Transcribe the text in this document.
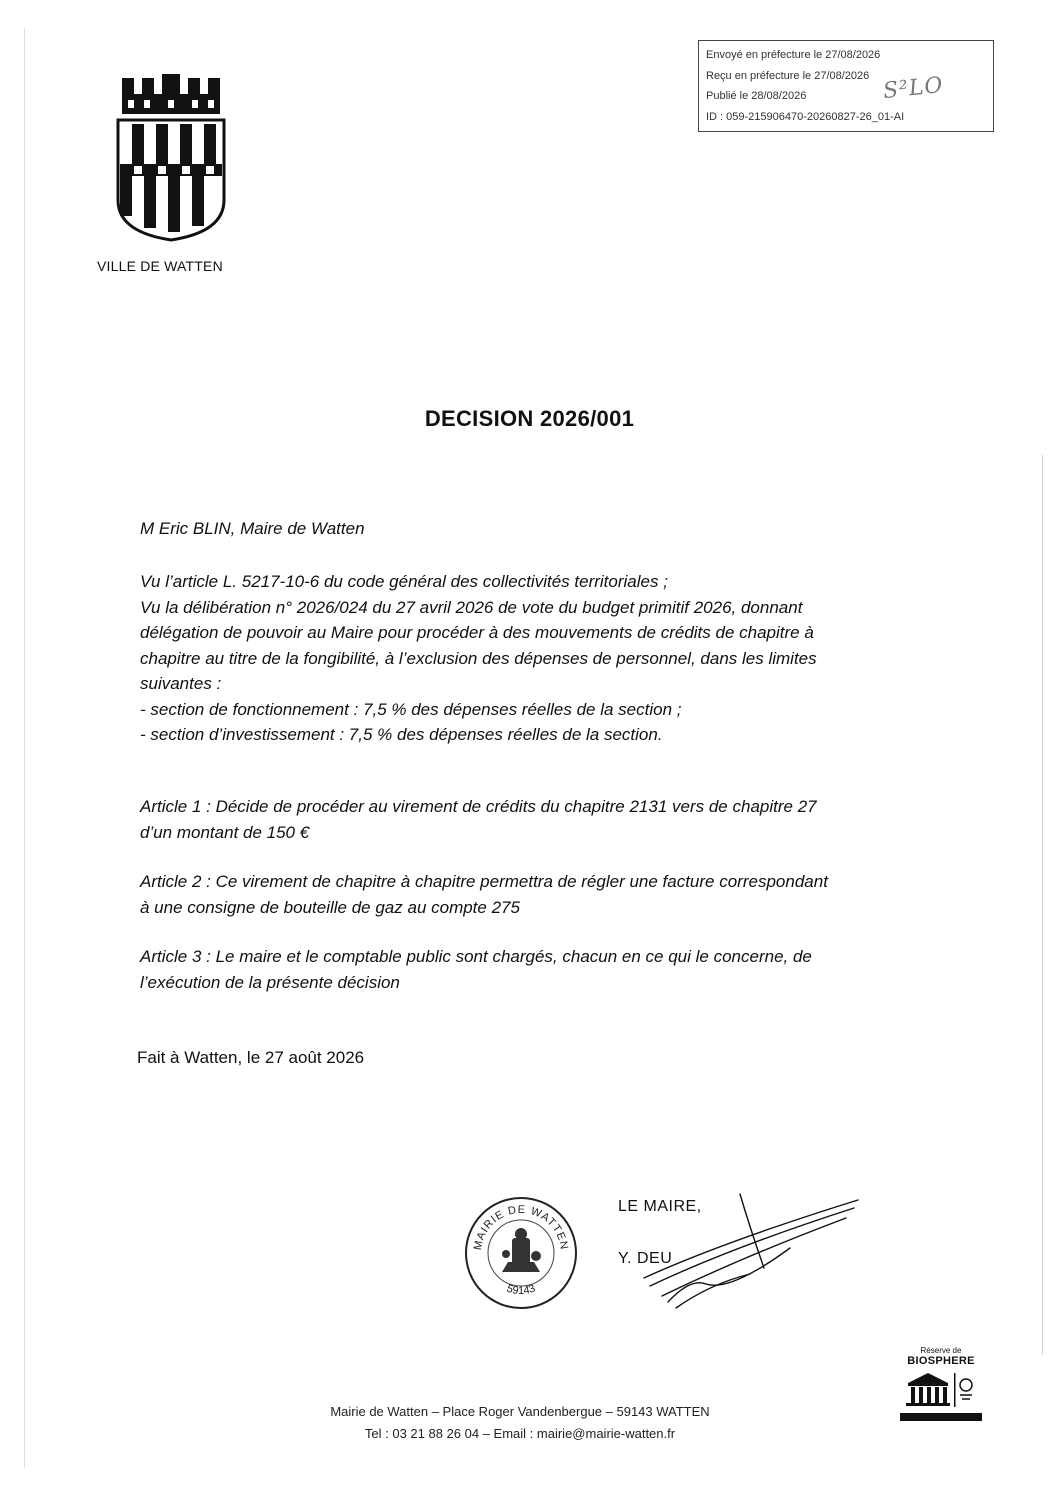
Envoyé en préfecture le 27/08/2026
Reçu en préfecture le 27/08/2026
Publié le 28/08/2026
ID : 059-215906470-20260827-26_01-AI
S²LO
VILLE DE WATTEN
DECISION 2026/001
M Eric BLIN, Maire de Watten
Vu l’article L. 5217-10-6 du code général des collectivités territoriales ;
Vu la délibération n° 2026/024 du 27 avril 2026 de vote du budget primitif 2026, donnant
délégation de pouvoir au Maire pour procéder à des mouvements de crédits de chapitre à
chapitre au titre de la fongibilité, à l’exclusion des dépenses de personnel, dans les limites
suivantes :
- section de fonctionnement : 7,5 % des dépenses réelles de la section ;
- section d’investissement : 7,5 % des dépenses réelles de la section.
Article 1 : Décide de procéder au virement de crédits du chapitre 2131 vers de chapitre 27
d’un montant de 150 €
Article 2 : Ce virement de chapitre à chapitre permettra de régler une facture correspondant
à une consigne de bouteille de gaz au compte 275
Article 3 : Le maire et le comptable public sont chargés, chacun en ce qui le concerne, de
l’exécution de la présente décision
Fait à Watten, le 27 août 2026
MAIRIE DE WATTEN
59143
LE MAIRE,
Y. DEU
Mairie de Watten – Place Roger Vandenbergue – 59143 WATTEN
Tel : 03 21 88 26 04 – Email : mairie@mairie-watten.fr
Réserve de
BIOSPHERE
